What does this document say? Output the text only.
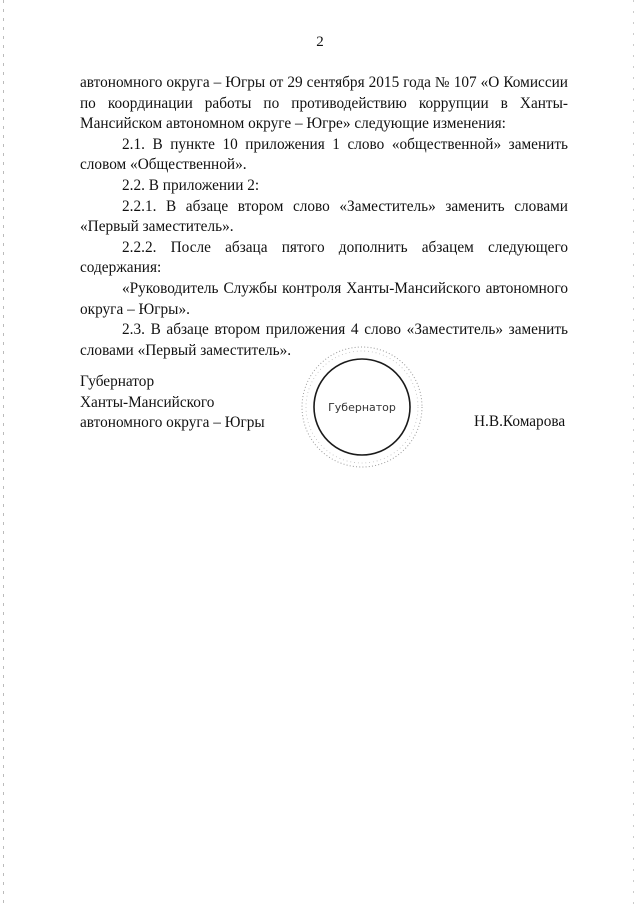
2

автономного округа – Югры от 29 сентября 2015 года № 107 «О Комиссии по координации работы по противодействию коррупции в Ханты-Мансийском автономном округе – Югре» следующие изменения:

2.1. В пункте 10 приложения 1 слово «общественной» заменить словом «Общественной».

2.2. В приложении 2:

2.2.1. В абзаце втором слово «Заместитель» заменить словами «Первый заместитель».

2.2.2. После абзаца пятого дополнить абзацем следующего содержания:

«Руководитель Службы контроля Ханты-Мансийского автономного округа – Югры».

2.3. В абзаце втором приложения 4 слово «Заместитель» заменить словами «Первый заместитель».

Губернатор
Ханты-Мансийского
автономного округа – Югры
Губернатор
Н.В.Комарова
